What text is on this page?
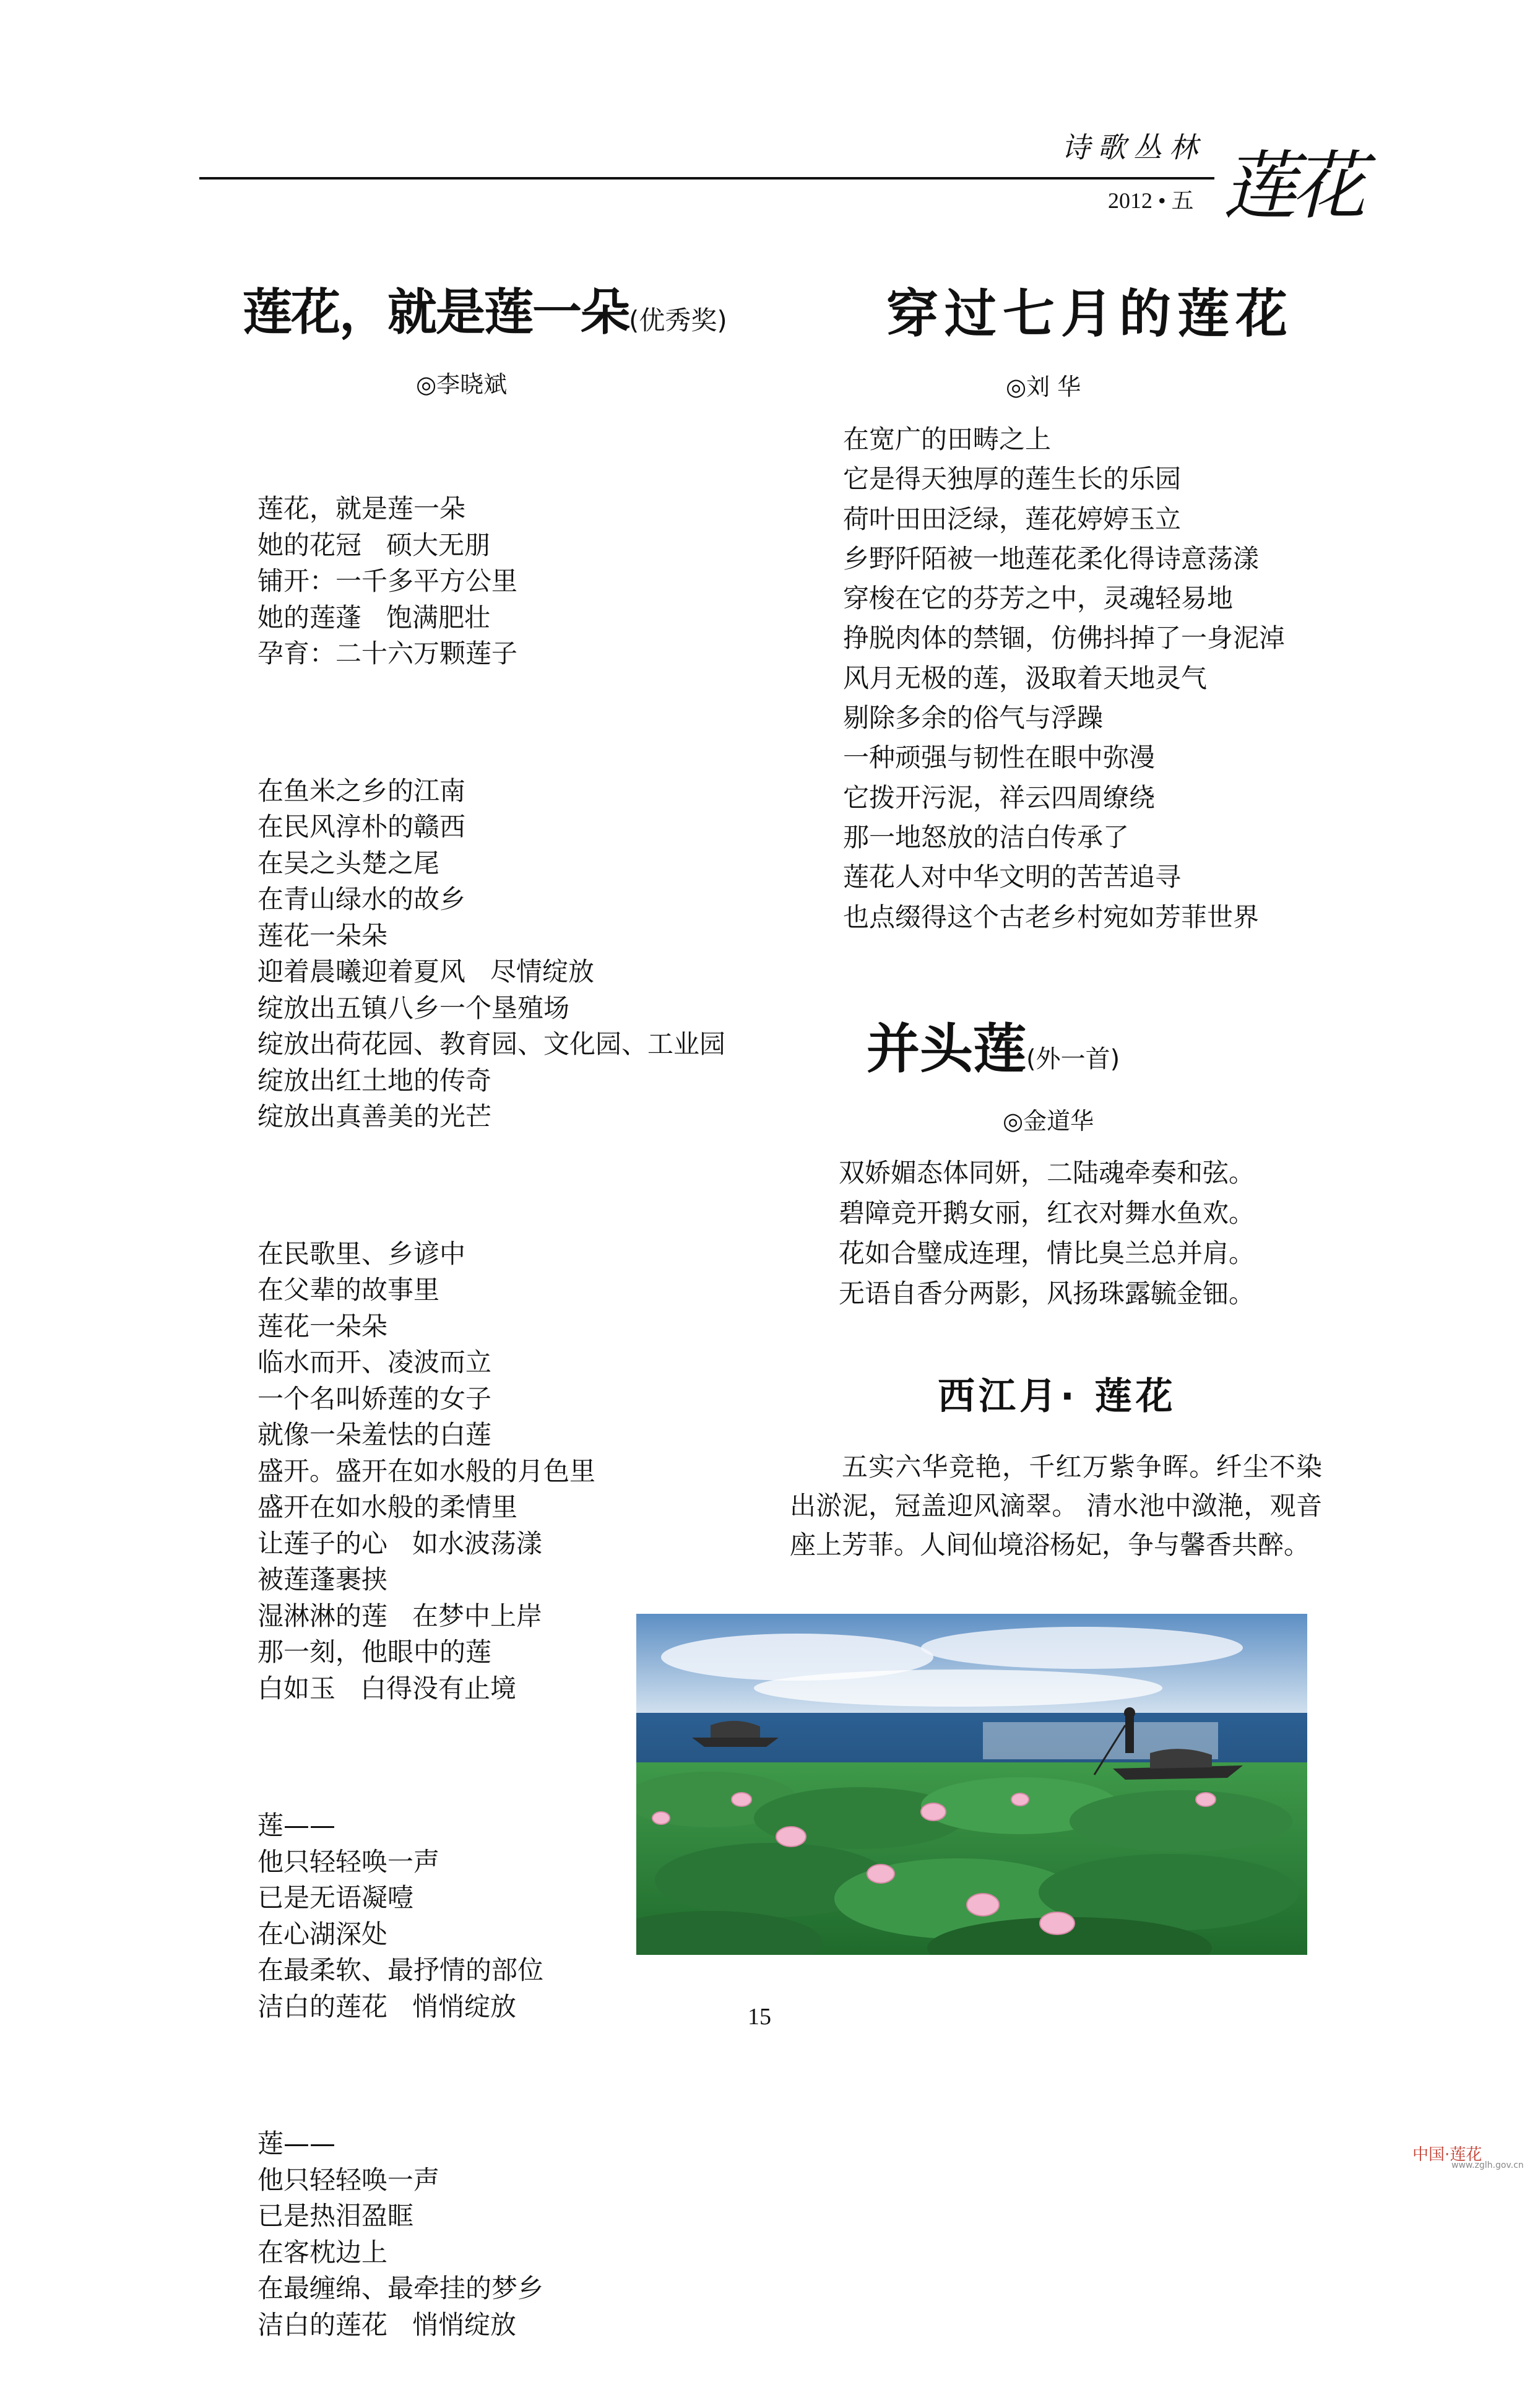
诗歌丛林
2012 • 五 莲花
莲花，就是莲一朵(优秀奖)
◎李晓斌

莲花，就是莲一朵
她的花冠   硕大无朋
铺开：一千多平方公里
她的莲蓬   饱满肥壮
孕育：二十六万颗莲子

在鱼米之乡的江南
在民风淳朴的赣西
在吴之头楚之尾
在青山绿水的故乡
莲花一朵朵
迎着晨曦迎着夏风   尽情绽放
绽放出五镇八乡一个垦殖场
绽放出荷花园、教育园、文化园、工业园
绽放出红土地的传奇
绽放出真善美的光芒

在民歌里、乡谚中
在父辈的故事里
莲花一朵朵
临水而开、凌波而立
一个名叫娇莲的女子
就像一朵羞怯的白莲
盛开。盛开在如水般的月色里
盛开在如水般的柔情里
让莲子的心   如水波荡漾
被莲蓬裹挟
湿淋淋的莲   在梦中上岸
那一刻，他眼中的莲
白如玉   白得没有止境

莲——
他只轻轻唤一声
已是无语凝噎
在心湖深处
在最柔软、最抒情的部位
洁白的莲花   悄悄绽放

莲——
他只轻轻唤一声
已是热泪盈眶
在客枕边上
在最缠绵、最牵挂的梦乡
洁白的莲花   悄悄绽放

穿过七月的莲花
◎刘 华
在宽广的田畴之上
它是得天独厚的莲生长的乐园
荷叶田田泛绿，莲花婷婷玉立
乡野阡陌被一地莲花柔化得诗意荡漾
穿梭在它的芬芳之中，灵魂轻易地
挣脱肉体的禁锢，仿佛抖掉了一身泥淖
风月无极的莲，汲取着天地灵气
剔除多余的俗气与浮躁
一种顽强与韧性在眼中弥漫
它拨开污泥，祥云四周缭绕
那一地怒放的洁白传承了
莲花人对中华文明的苦苦追寻
也点缀得这个古老乡村宛如芳菲世界
并头莲(外一首)
◎金道华
双娇媚态体同妍，二陆魂牵奏和弦。
碧障竞开鹅女丽，红衣对舞水鱼欢。
花如合璧成连理，情比臭兰总并肩。
无语自香分两影，风扬珠露毓金钿。
西江月· 莲花
五实六华竞艳，千红万紫争晖。纤尘不染出淤泥，冠盖迎风滴翠。 清水池中潋滟，观音座上芳菲。人间仙境浴杨妃，争与馨香共醉。
15
中国·莲花
www.zglh.gov.cn
